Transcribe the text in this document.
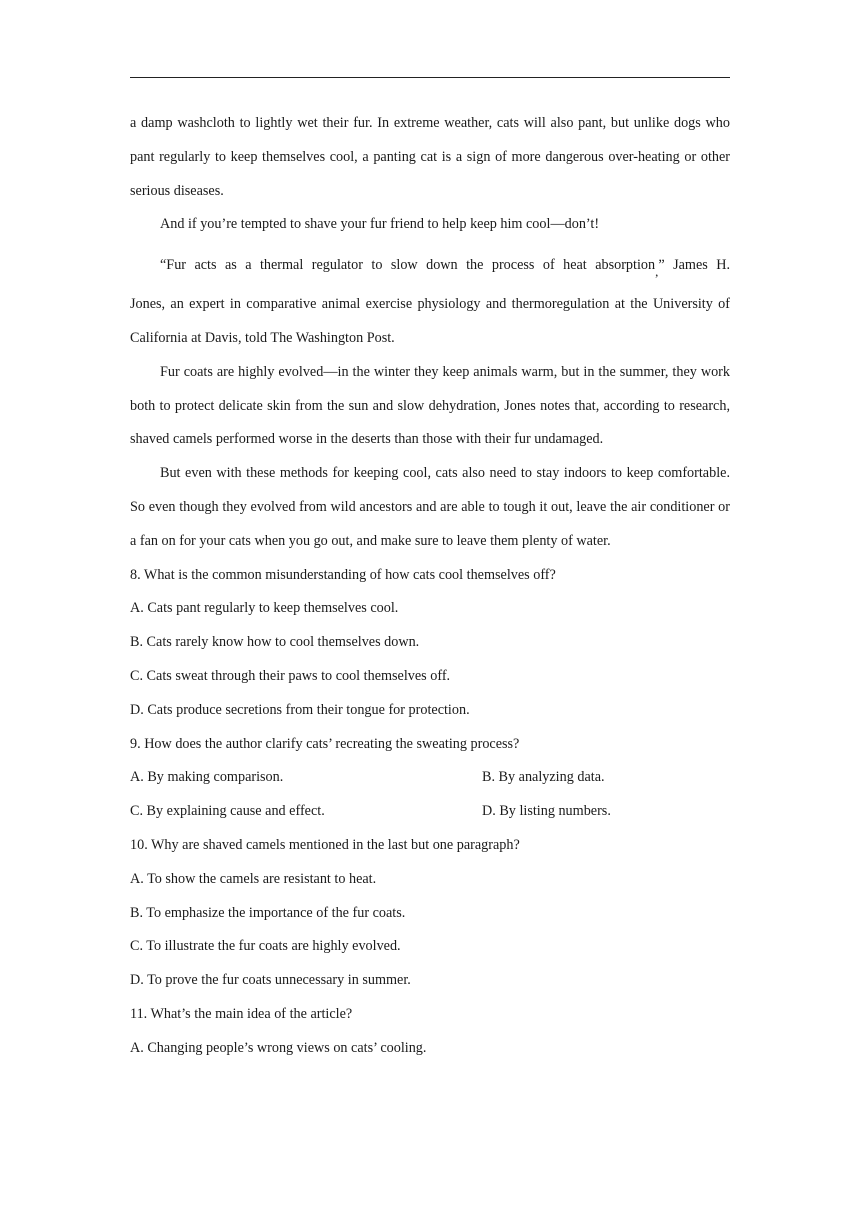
a damp washcloth to lightly wet their fur. In extreme weather, cats will also pant, but unlike dogs who pant regularly to keep themselves cool, a panting cat is a sign of more dangerous over-heating or other serious diseases.

And if you’re tempted to shave your fur friend to help keep him cool—don’t!

“Fur acts as a thermal regulator to slow down the process of heat absorption,” James H.

Jones, an expert in comparative animal exercise physiology and thermoregulation at the University of California at Davis, told The Washington Post.

Fur coats are highly evolved—in the winter they keep animals warm, but in the summer, they work both to protect delicate skin from the sun and slow dehydration, Jones notes that, according to research, shaved camels performed worse in the deserts than those with their fur undamaged.

But even with these methods for keeping cool, cats also need to stay indoors to keep comfortable. So even though they evolved from wild ancestors and are able to tough it out, leave the air conditioner or a fan on for your cats when you go out, and make sure to leave them plenty of water.

8. What is the common misunderstanding of how cats cool themselves off?

A. Cats pant regularly to keep themselves cool.

B. Cats rarely know how to cool themselves down.

C. Cats sweat through their paws to cool themselves off.

D. Cats produce secretions from their tongue for protection.

9. How does the author clarify cats’ recreating the sweating process?

A. By making comparison.	B. By analyzing data.
C. By explaining cause and effect.	D. By listing numbers.

10. Why are shaved camels mentioned in the last but one paragraph?

A. To show the camels are resistant to heat.

B. To emphasize the importance of the fur coats.

C. To illustrate the fur coats are highly evolved.

D. To prove the fur coats unnecessary in summer.

11. What’s the main idea of the article?

A. Changing people’s wrong views on cats’ cooling.
